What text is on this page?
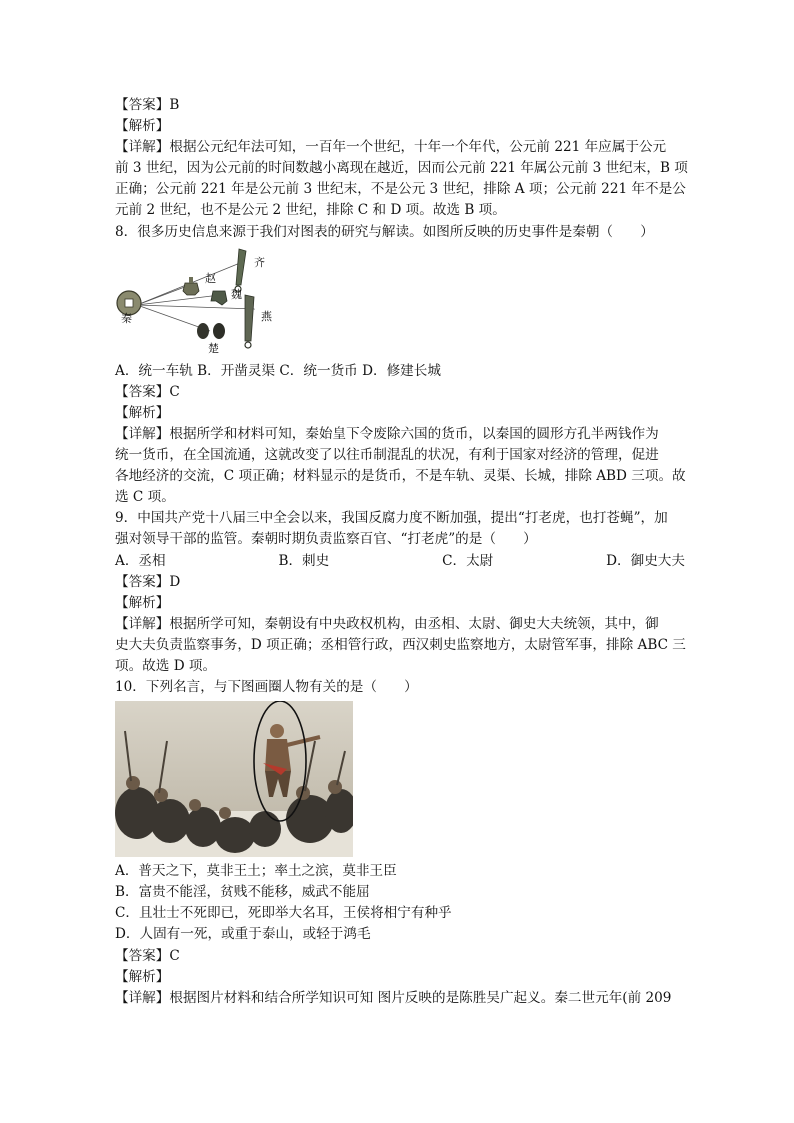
【答案】B

【解析】

【详解】根据公元纪年法可知，一百年一个世纪，十年一个年代，公元前 221 年应属于公元

前 3 世纪，因为公元前的时间数越小离现在越近，因而公元前 221 年属公元前 3 世纪末，B 项

正确；公元前 221 年是公元前 3 世纪末，不是公元 3 世纪，排除 A 项；公元前 221 年不是公

元前 2 世纪，也不是公元 2 世纪，排除 C 和 D 项。故选 B 项。

8．很多历史信息来源于我们对图表的研究与解读。如图所反映的历史事件是秦朝（　　）

秦
赵
魏
齐
燕
楚

A．统一车轨 B．开凿灵渠 C．统一货币 D．修建长城

【答案】C

【解析】

【详解】根据所学和材料可知，秦始皇下令废除六国的货币，以秦国的圆形方孔半两钱作为

统一货币，在全国流通，这就改变了以往币制混乱的状况，有利于国家对经济的管理，促进

各地经济的交流，C 项正确；材料显示的是货币，不是车轨、灵渠、长城，排除 ABD 三项。故

选 C 项。

9．中国共产党十八届三中全会以来，我国反腐力度不断加强，提出“打老虎，也打苍蝇”，加

强对领导干部的监管。秦朝时期负责监察百官、“打老虎”的是（　　）

A．丞相	B．刺史	C．太尉	D．御史大夫

【答案】D

【解析】

【详解】根据所学可知，秦朝设有中央政权机构，由丞相、太尉、御史大夫统领，其中，御

史大夫负责监察事务，D 项正确；丞相管行政，西汉刺史监察地方，太尉管军事，排除 ABC 三

项。故选 D 项。

10．下列名言，与下图画圈人物有关的是（　　）

A．普天之下，莫非王土；率土之滨，莫非王臣

B．富贵不能淫，贫贱不能移，威武不能屈

C．且壮士不死即已，死即举大名耳，王侯将相宁有种乎

D．人固有一死，或重于泰山，或轻于鸿毛

【答案】C

【解析】

【详解】根据图片材料和结合所学知识可知 图片反映的是陈胜吴广起义。秦二世元年(前 209
